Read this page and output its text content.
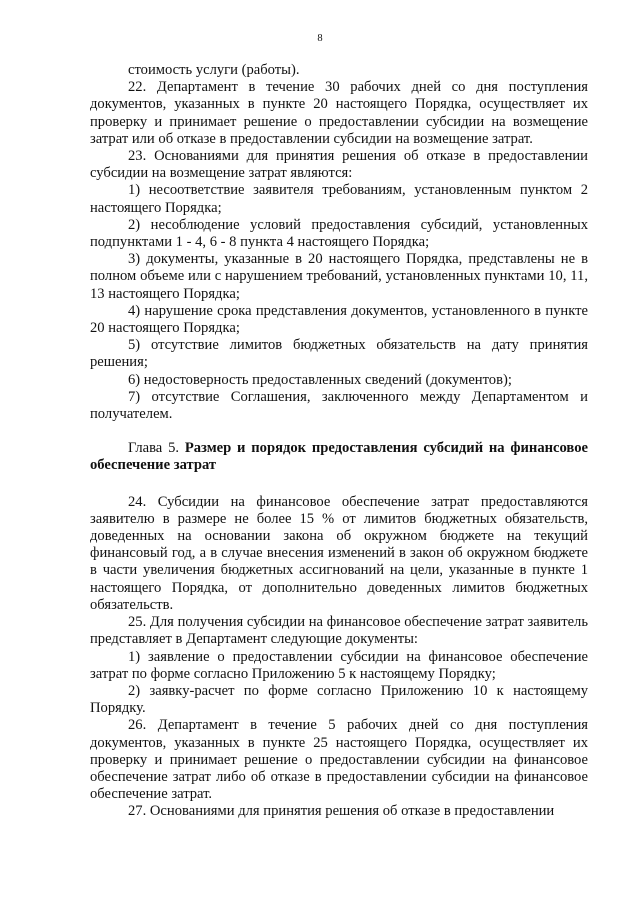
8

стоимость услуги (работы).

22. Департамент в течение 30 рабочих дней со дня поступления документов, указанных в пункте 20 настоящего Порядка, осуществляет их проверку и принимает решение о предоставлении субсидии на возмещение затрат или об отказе в предоставлении субсидии на возмещение затрат.

23. Основаниями для принятия решения об отказе в предоставлении субсидии на возмещение затрат являются:

1) несоответствие заявителя требованиям, установленным пунктом 2 настоящего Порядка;

2) несоблюдение условий предоставления субсидий, установленных подпунктами 1 - 4, 6 - 8 пункта 4 настоящего Порядка;

3) документы, указанные в 20 настоящего Порядка, представлены не в полном объеме или с нарушением требований, установленных пунктами 10, 11, 13 настоящего Порядка;

4) нарушение срока представления документов, установленного в пункте 20 настоящего Порядка;

5) отсутствие лимитов бюджетных обязательств на дату принятия решения;

6) недостоверность предоставленных сведений (документов);

7) отсутствие Соглашения, заключенного между Департаментом и получателем.

Глава 5. Размер и порядок предоставления субсидий на финансовое обеспечение затрат

24. Субсидии на финансовое обеспечение затрат предоставляются заявителю в размере не более 15 % от лимитов бюджетных обязательств, доведенных на основании закона об окружном бюджете на текущий финансовый год, а в случае внесения изменений в закон об окружном бюджете в части увеличения бюджетных ассигнований на цели, указанные в пункте 1 настоящего Порядка, от дополнительно доведенных лимитов бюджетных обязательств.

25. Для получения субсидии на финансовое обеспечение затрат заявитель представляет в Департамент следующие документы:

1) заявление о предоставлении субсидии на финансовое обеспечение затрат по форме согласно Приложению 5 к настоящему Порядку;

2) заявку-расчет по форме согласно Приложению 10 к настоящему Порядку.

26. Департамент в течение 5 рабочих дней со дня поступления документов, указанных в пункте 25 настоящего Порядка, осуществляет их проверку и принимает решение о предоставлении субсидии на финансовое обеспечение затрат либо об отказе в предоставлении субсидии на финансовое обеспечение затрат.

27. Основаниями для принятия решения об отказе в предоставлении
